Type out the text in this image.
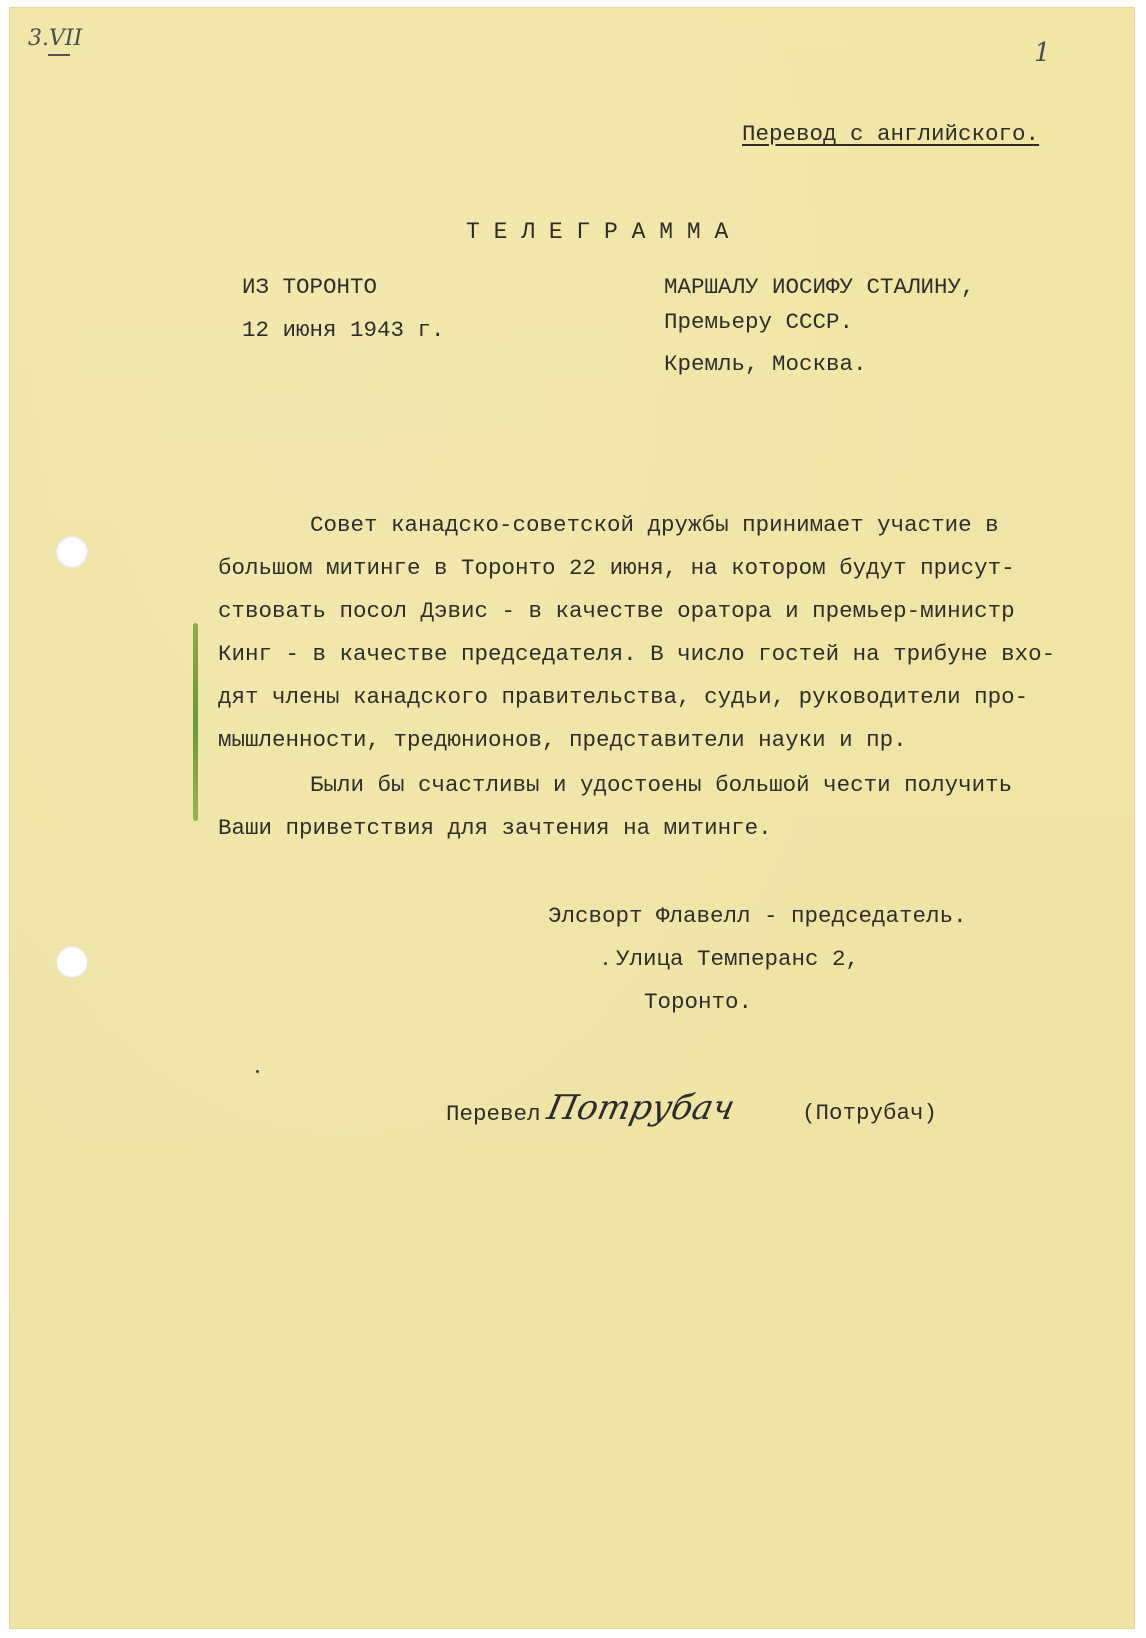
3.VII	1
Перевод с английского.
Т Е Л Е Г Р А М М А
ИЗ ТОРОНТО
12 июня 1943 г.
МАРШАЛУ ИОСИФУ СТАЛИНУ,
Премьеру СССР.
Кремль, Москва.
Совет канадско-советской дружбы принимает участие в
большом митинге в Торонто 22 июня, на котором будут присут-
ствовать посол Дэвис - в качестве оратора и премьер-министр
Кинг - в качестве председателя. В число гостей на трибуне вхо-
дят члены канадского правительства, судьи, руководители про-
мышленности, тредюнионов, представители науки и пр.
Были бы счастливы и удостоены большой чести получить
Ваши приветствия для зачтения на митинге.
Элсворт Флавелл - председатель.
Улица Темперанс 2,
Торонто.
Перевел Потрубач	(Потрубач)
